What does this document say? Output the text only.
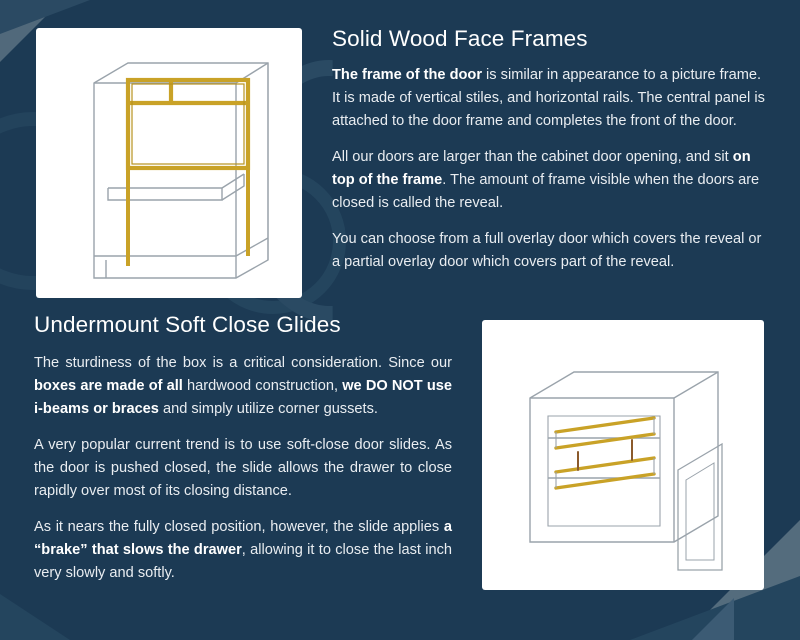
Solid Wood Face Frames

The frame of the door is similar in appearance to a picture frame. It is made of vertical stiles, and horizontal rails. The central panel is attached to the door frame and completes the front of the door.

All our doors are larger than the cabinet door opening, and sit on top of the frame. The amount of frame visible when the doors are closed is called the reveal.

You can choose from a full overlay door which covers the reveal or a partial overlay door which covers part of the reveal.

Undermount Soft Close Glides

The sturdiness of the box is a critical consideration. Since our boxes are made of all hardwood construction, we DO NOT use i-beams or braces and simply utilize corner gussets.

A very popular current trend is to use soft-close door slides. As the door is pushed closed, the slide allows the drawer to close rapidly over most of its closing distance.

As it nears the fully closed position, however, the slide applies a “brake” that slows the drawer, allowing it to close the last inch very slowly and softly.
